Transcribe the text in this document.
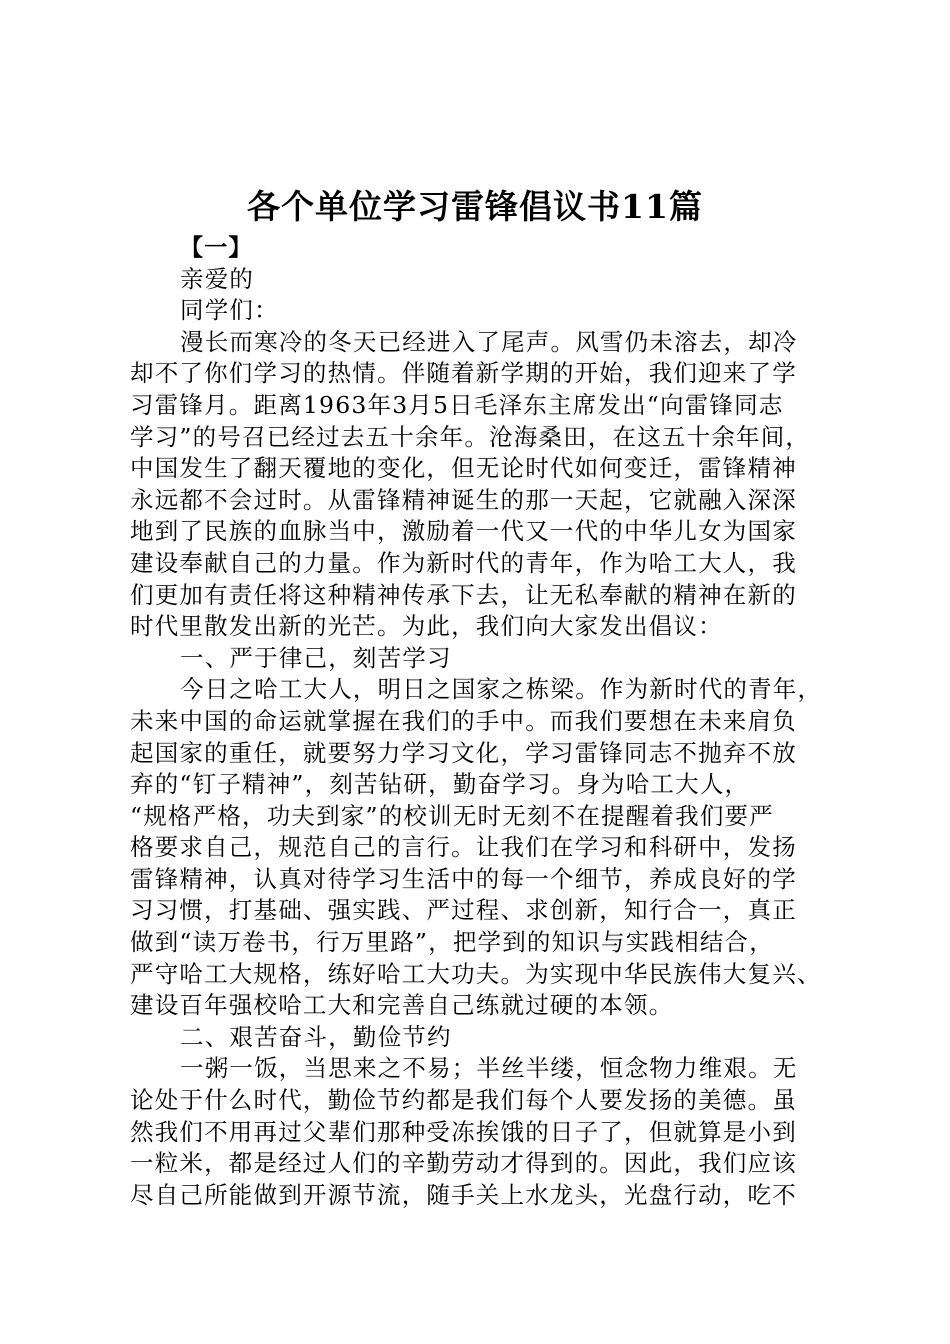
各个单位学习雷锋倡议书11篇
【一】
亲爱的
同学们：
漫长而寒冷的冬天已经进入了尾声。风雪仍未溶去，却冷
却不了你们学习的热情。伴随着新学期的开始，我们迎来了学
习雷锋月。距离1963年3月5日毛泽东主席发出“向雷锋同志
学习”的号召已经过去五十余年。沧海桑田，在这五十余年间，
中国发生了翻天覆地的变化，但无论时代如何变迁，雷锋精神
永远都不会过时。从雷锋精神诞生的那一天起，它就融入深深
地到了民族的血脉当中，激励着一代又一代的中华儿女为国家
建设奉献自己的力量。作为新时代的青年，作为哈工大人，我
们更加有责任将这种精神传承下去，让无私奉献的精神在新的
时代里散发出新的光芒。为此，我们向大家发出倡议：
一、严于律己，刻苦学习
今日之哈工大人，明日之国家之栋梁。作为新时代的青年，
未来中国的命运就掌握在我们的手中。而我们要想在未来肩负
起国家的重任，就要努力学习文化，学习雷锋同志不抛弃不放
弃的“钉子精神”，刻苦钻研，勤奋学习。身为哈工大人，
“规格严格，功夫到家”的校训无时无刻不在提醒着我们要严
格要求自己，规范自己的言行。让我们在学习和科研中，发扬
雷锋精神，认真对待学习生活中的每一个细节，养成良好的学
习习惯，打基础、强实践、严过程、求创新，知行合一，真正
做到“读万卷书，行万里路”，把学到的知识与实践相结合，
严守哈工大规格，练好哈工大功夫。为实现中华民族伟大复兴、
建设百年强校哈工大和完善自己练就过硬的本领。
二、艰苦奋斗，勤俭节约
一粥一饭，当思来之不易；半丝半缕，恒念物力维艰。无
论处于什么时代，勤俭节约都是我们每个人要发扬的美德。虽
然我们不用再过父辈们那种受冻挨饿的日子了，但就算是小到
一粒米，都是经过人们的辛勤劳动才得到的。因此，我们应该
尽自己所能做到开源节流，随手关上水龙头，光盘行动，吃不
